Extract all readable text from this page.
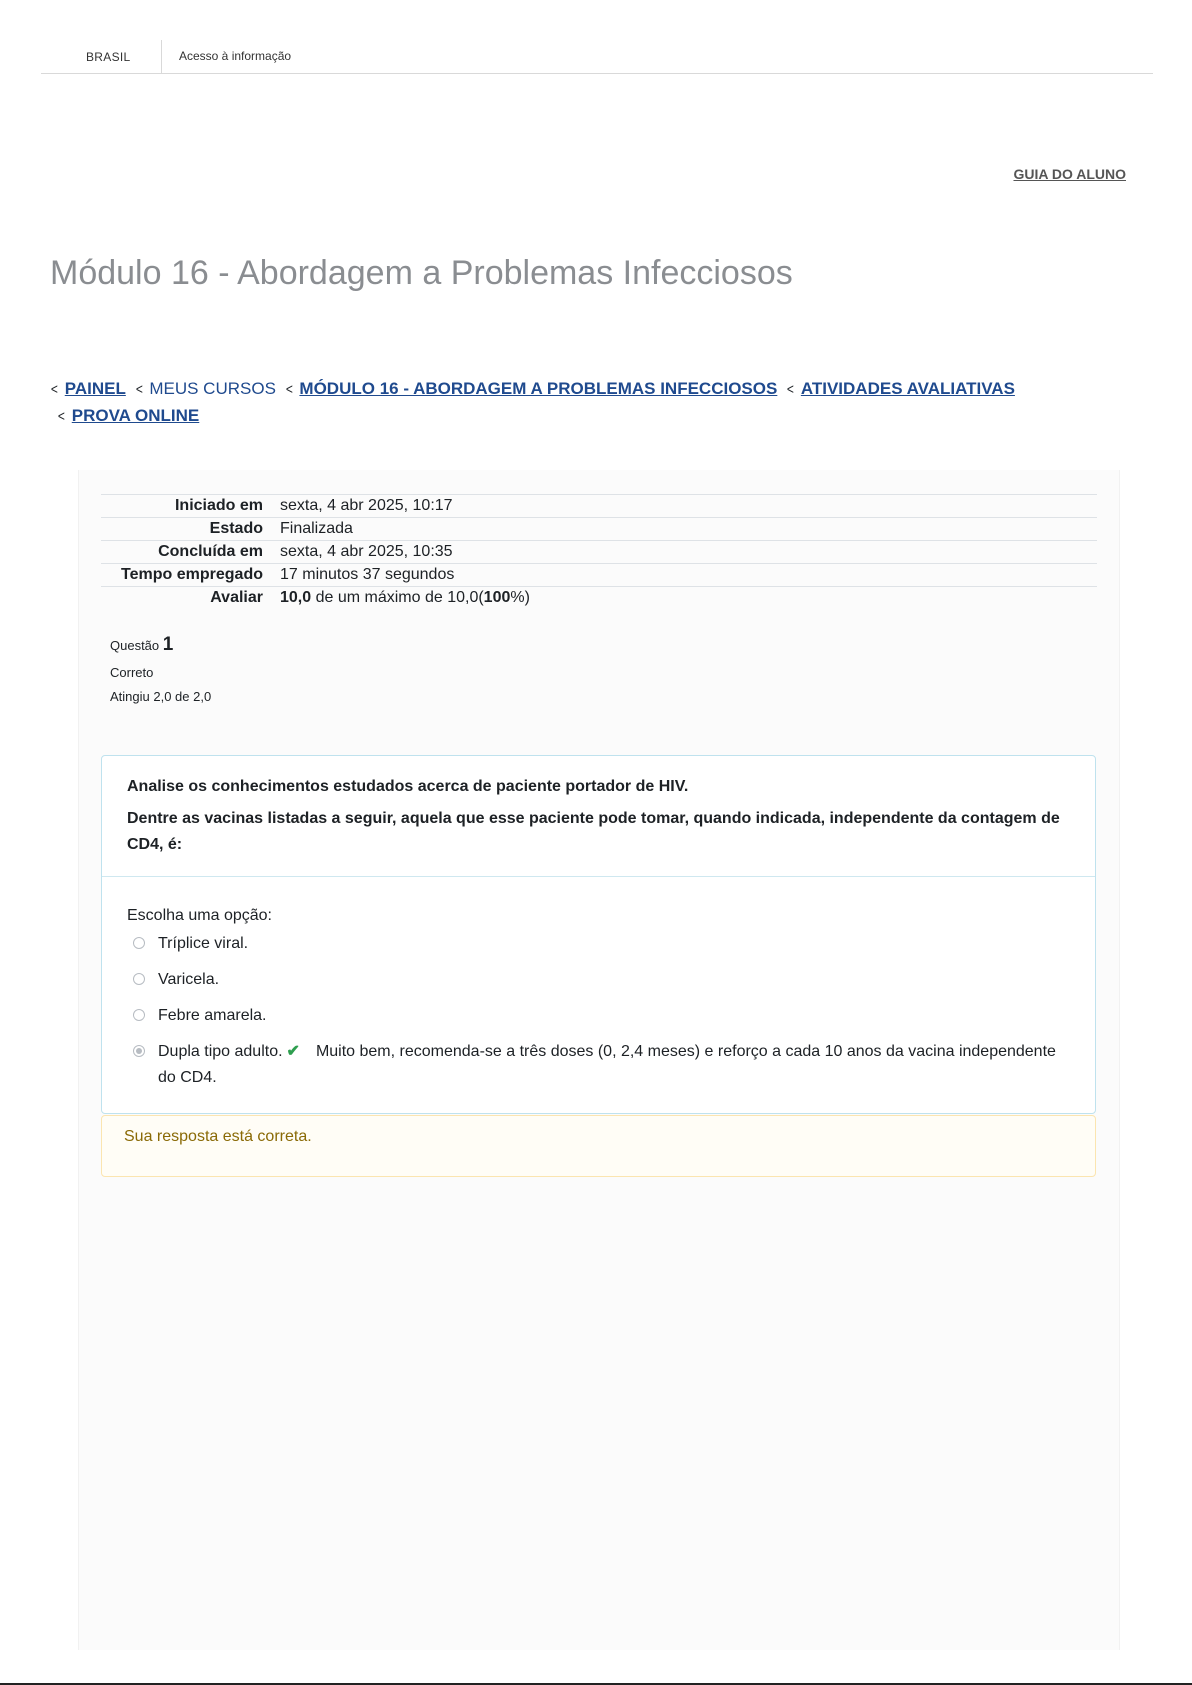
BRASIL	Acesso à informação
GUIA DO ALUNO
Módulo 16 - Abordagem a Problemas Infecciosos
< PAINEL < MEUS CURSOS < MÓDULO 16 - ABORDAGEM A PROBLEMAS INFECCIOSOS < ATIVIDADES AVALIATIVAS
< PROVA ONLINE
Iniciado em	sexta, 4 abr 2025, 10:17
Estado	Finalizada
Concluída em	sexta, 4 abr 2025, 10:35
Tempo empregado	17 minutos 37 segundos
Avaliar	10,0 de um máximo de 10,0(100%)
Questão 1
Correto
Atingiu 2,0 de 2,0

Analise os conhecimentos estudados acerca de paciente portador de HIV.

Dentre as vacinas listadas a seguir, aquela que esse paciente pode tomar, quando indicada, independente da contagem de CD4, é:

Escolha uma opção:
Tríplice viral.
Varicela.
Febre amarela.
Dupla tipo adulto. ✔ Muito bem, recomenda-se a três doses (0, 2,4 meses) e reforço a cada 10 anos da vacina independente do CD4.
Sua resposta está correta.
